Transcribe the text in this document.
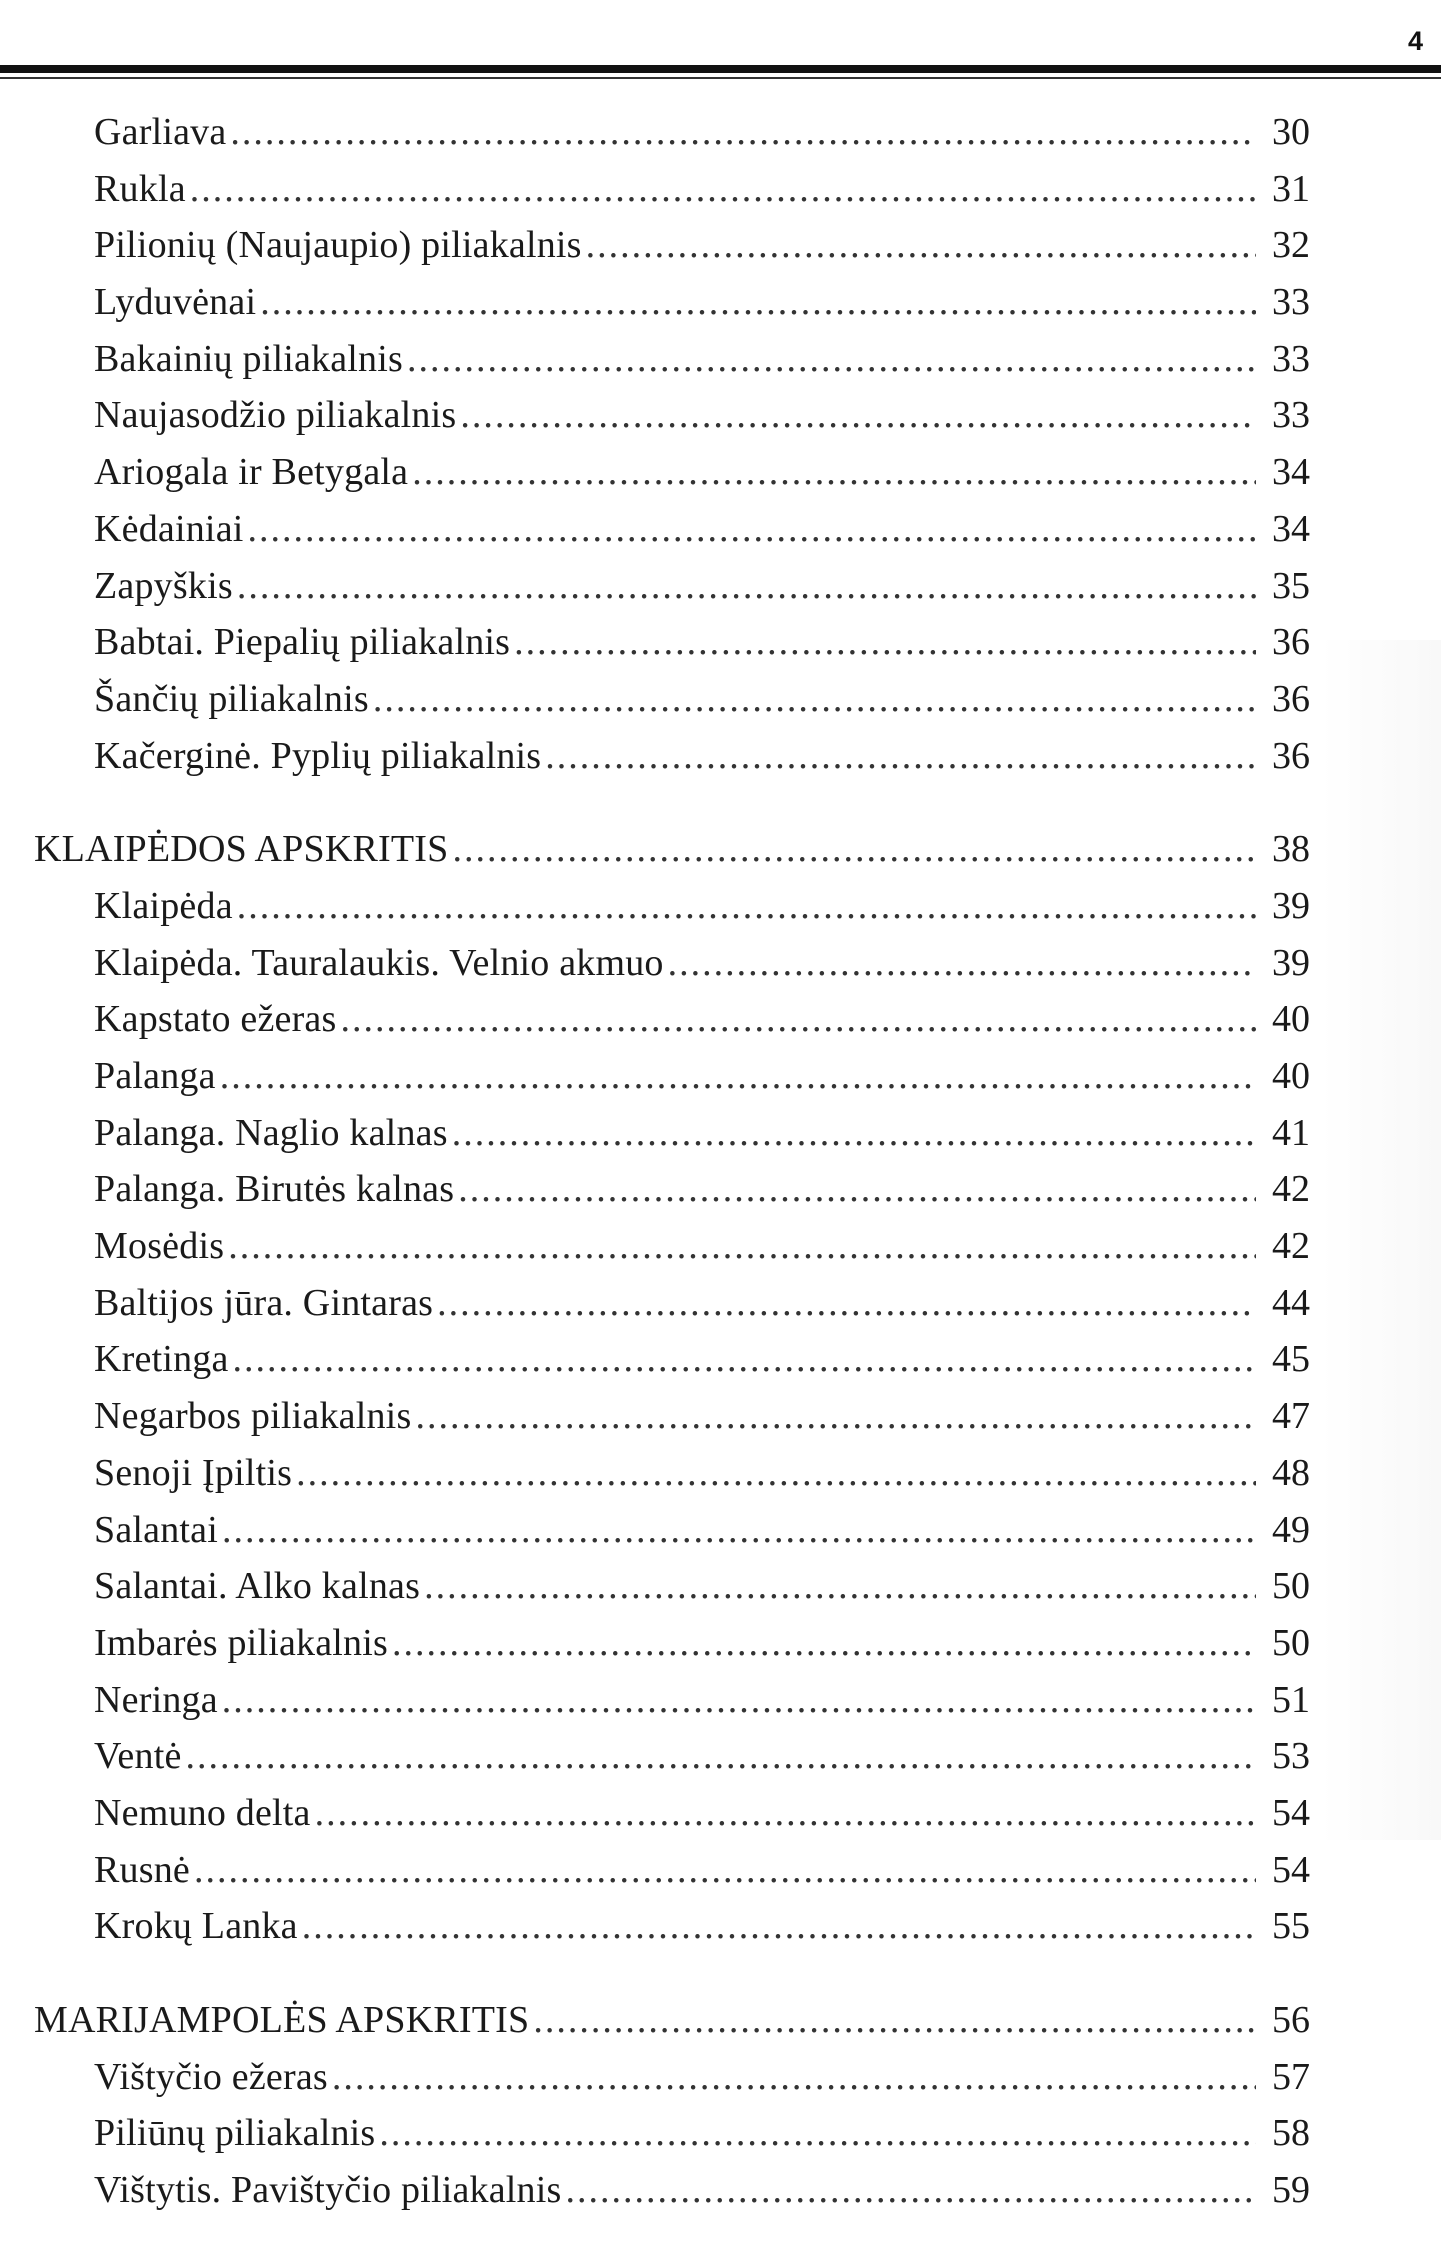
4
Garliava .....	30
Rukla .....	31
Pilionių (Naujaupio) piliakalnis .....	32
Lyduvėnai .....	33
Bakainių piliakalnis .....	33
Naujasodžio piliakalnis .....	33
Ariogala ir Betygala .....	34
Kėdainiai .....	34
Zapyškis .....	35
Babtai. Piepalių piliakalnis .....	36
Šančių piliakalnis .....	36
Kačerginė. Pyplių piliakalnis .....	36
KLAIPĖDOS APSKRITIS .....	38
Klaipėda .....	39
Klaipėda. Tauralaukis. Velnio akmuo .....	39
Kapstato ežeras .....	40
Palanga .....	40
Palanga. Naglio kalnas .....	41
Palanga. Birutės kalnas .....	42
Mosėdis .....	42
Baltijos jūra. Gintaras .....	44
Kretinga .....	45
Negarbos piliakalnis .....	47
Senoji Įpiltis .....	48
Salantai .....	49
Salantai. Alko kalnas .....	50
Imbarės piliakalnis .....	50
Neringa .....	51
Ventė .....	53
Nemuno delta .....	54
Rusnė .....	54
Krokų Lanka .....	55
MARIJAMPOLĖS APSKRITIS .....	56
Vištyčio ežeras .....	57
Piliūnų piliakalnis .....	58
Vištytis. Pavištyčio piliakalnis .....	59
